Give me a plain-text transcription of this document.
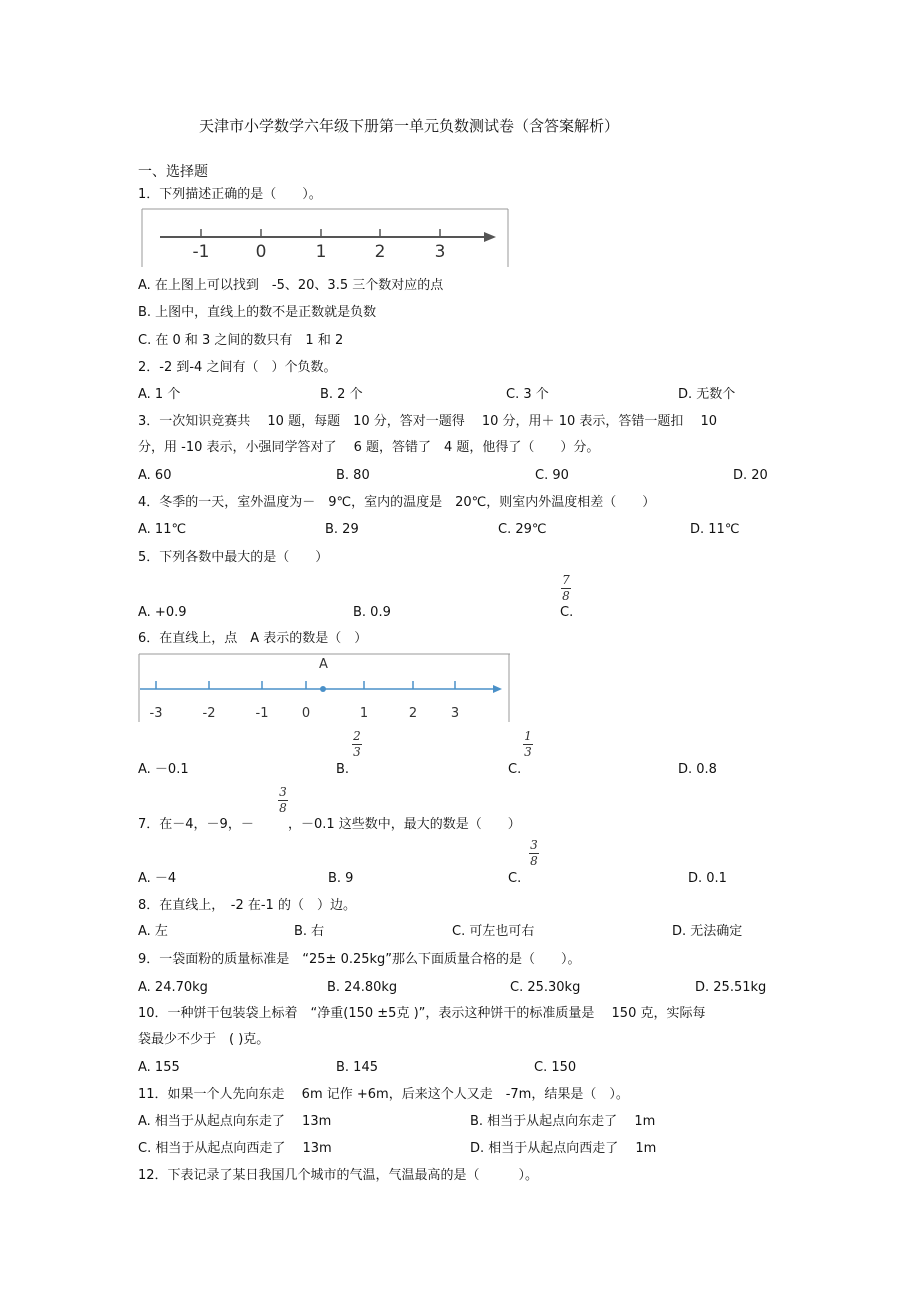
天津市小学数学六年级下册第一单元负数测试卷（含答案解析）
一、选择题
1．下列描述正确的是（　　）。
-1	0	1	2	3
A. 在上图上可以找到　-5、20、3.5 三个数对应的点
B. 上图中，直线上的数不是正数就是负数
C. 在 0 和 3 之间的数只有　1 和 2
2．-2 到-4 之间有（　）个负数。
A. 1 个	B. 2 个	C. 3 个	D. 无数个
3．一次知识竞赛共　 10 题，每题　10 分，答对一题得　 10 分，用＋ 10 表示，答错一题扣　 10
分，用 -10 表示，小强同学答对了　 6 题，答错了　4 题，他得了（　　）分。
A. 60	B. 80	C. 90	D. 20
4．冬季的一天，室外温度为－　9℃，室内的温度是　20℃，则室内外温度相差（　　）
A. 11℃	B. 29	C. 29℃	D. 11℃
5．下列各数中最大的是（　　）
A. +0.9	B. 0.9	C.
7
8
6．在直线上，点　A 表示的数是（　）
-3	-2	-1	0	1	2	3
A
A. －0.1	B.
2
3
C.
1
3
D. 0.8
7．在－4，－9，－
3
8
，－0.1 这些数中，最大的数是（　　）
A. －4	B. 9	C.
3
8
D. 0.1
8．在直线上，　-2 在-1 的（　）边。
A. 左	B. 右	C. 可左也可右	D. 无法确定
9．一袋面粉的质量标准是　“25± 0.25kg”那么下面质量合格的是（　　）。
A. 24.70kg	B. 24.80kg	C. 25.30kg	D. 25.51kg
10．一种饼干包装袋上标着　“净重(150 ±5克 )”，表示这种饼干的标准质量是　 150 克，实际每
袋最少不少于　( )克。
A. 155	B. 145	C. 150
11．如果一个人先向东走　 6m 记作 +6m，后来这个人又走　-7m，结果是（　）。
A. 相当于从起点向东走了　 13m	B. 相当于从起点向东走了　 1m
C. 相当于从起点向西走了　 13m	D. 相当于从起点向西走了　 1m
12．下表记录了某日我国几个城市的气温，气温最高的是（　　　）。
